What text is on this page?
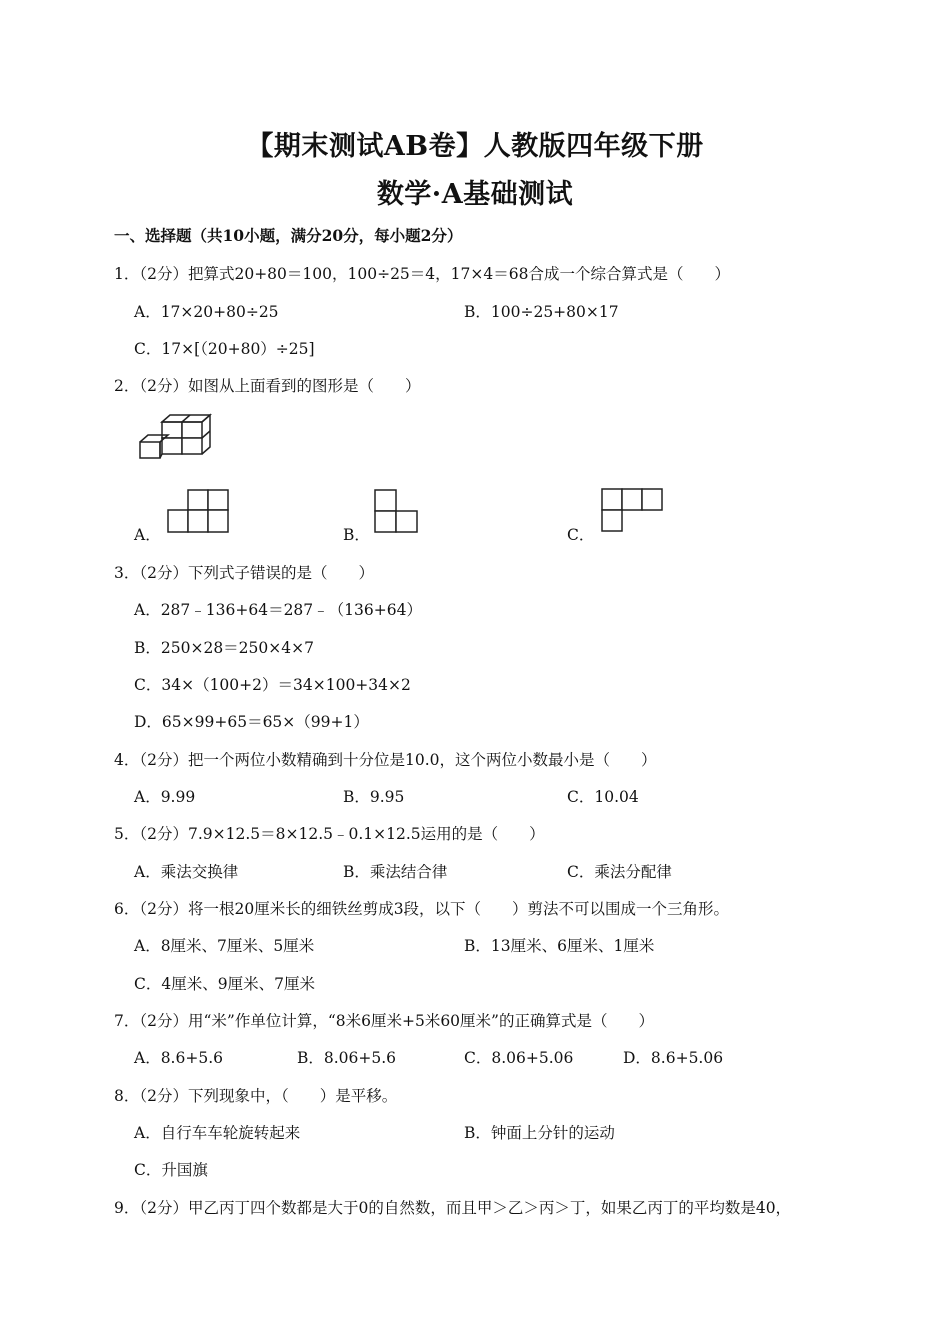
【期末测试AB卷】人教版四年级下册
数学·A基础测试
一、选择题（共10小题，满分20分，每小题2分）
1．（2分）把算式20+80＝100，100÷25＝4，17×4＝68合成一个综合算式是（　　）
A．17×20+80÷25	B．100÷25+80×17
C．17×[（20+80）÷25]
2．（2分）如图从上面看到的图形是（　　）
A．	B．	C．
3．（2分）下列式子错误的是（　　）
A．287﹣136+64＝287﹣（136+64）
B．250×28＝250×4×7
C．34×（100+2）＝34×100+34×2
D．65×99+65＝65×（99+1）
4．（2分）把一个两位小数精确到十分位是10.0，这个两位小数最小是（　　）
A．9.99	B．9.95	C．10.04
5．（2分）7.9×12.5＝8×12.5﹣0.1×12.5运用的是（　　）
A．乘法交换律	B．乘法结合律	C．乘法分配律
6．（2分）将一根20厘米长的细铁丝剪成3段，以下（　　）剪法不可以围成一个三角形。
A．8厘米、7厘米、5厘米	B．13厘米、6厘米、1厘米
C．4厘米、9厘米、7厘米
7．（2分）用“米”作单位计算，“8米6厘米+5米60厘米”的正确算式是（　　）
A．8.6+5.6	B．8.06+5.6	C．8.06+5.06	D．8.6+5.06
8．（2分）下列现象中，（　　）是平移。
A．自行车车轮旋转起来	B．钟面上分针的运动
C．升国旗
9．（2分）甲乙丙丁四个数都是大于0的自然数，而且甲＞乙＞丙＞丁，如果乙丙丁的平均数是40，
